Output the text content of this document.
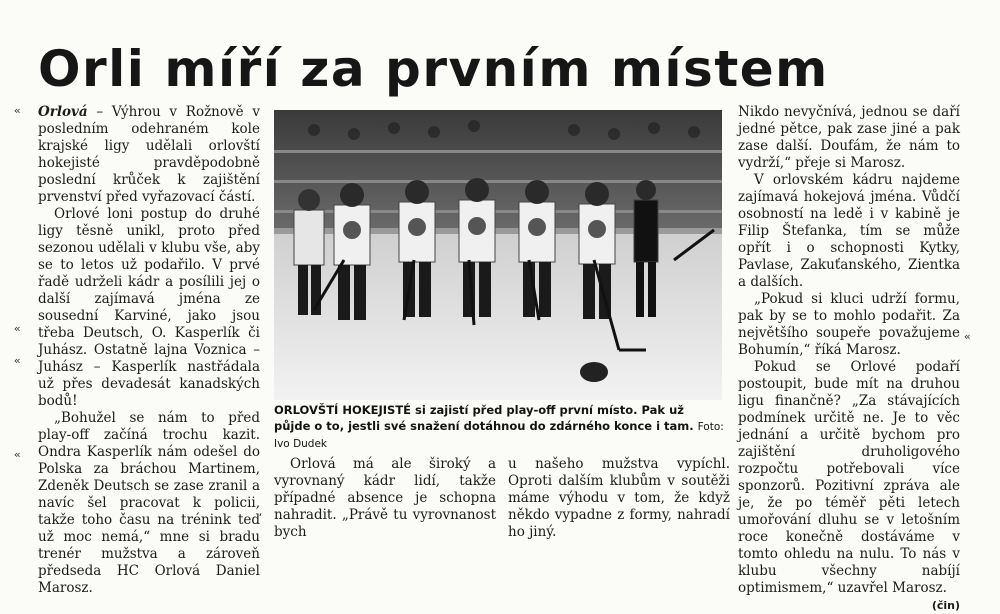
Orli míří za prvním místem
«
«
«
«
«

Orlová – Výhrou v Rožnově v posledním odehraném kole krajské ligy udělali orlovští hokejisté pravděpodobně poslední krůček k zajištění prvenství před vyřazovací částí.

Orlové loni postup do druhé ligy těsně unikl, proto před sezonou udělali v klubu vše, aby se to letos už podařilo. V prvé řadě udrželi kádr a posílili jej o další zajímavá jména ze sousední Karviné, jako jsou třeba Deutsch, O. Kasperlík či Juhász. Ostatně lajna Voznica – Juhász – Kasperlík nastřádala už přes devadesát kanadských bodů!

„Bohužel se nám to před play-off začíná trochu kazit. Ondra Kasperlík nám odešel do Polska za bráchou Martinem, Zdeněk Deutsch se zase zranil a navíc šel pracovat k policii, takže toho času na trénink teď už moc nemá,“ mne si bradu trenér mužstva a zároveň předseda HC Orlová Daniel Marosz.

ORLOVŠTÍ HOKEJISTÉ si zajistí před play-off první místo. Pak už půjde o to, jestli své snažení dotáhnou do zdárného konce i tam. Foto: Ivo Dudek

Orlová má ale široký a vyrovnaný kádr lidí, takže případné absence je schopna nahradit. „Právě tu vyrovnanost bych

u našeho mužstva vypíchl. Oproti dalším klubům v soutěži máme výhodu v tom, že když někdo vypadne z formy, nahradí ho jiný.

Nikdo nevyčnívá, jednou se daří jedné pětce, pak zase jiné a pak zase další. Doufám, že nám to vydrží,“ přeje si Marosz.

V orlovském kádru najdeme zajímavá hokejová jména. Vůdčí osobností na ledě i v kabině je Filip Štefanka, tím se může opřít i o schopnosti Kytky, Pavlase, Zakuťanského, Zientka a dalších.

„Pokud si kluci udrží formu, pak by se to mohlo podařit. Za největšího soupeře považujeme Bohumín,“ říká Marosz.

Pokud se Orlové podaří postoupit, bude mít na druhou ligu finančně? „Za stávajících podmínek určitě ne. Je to věc jednání a určitě bychom pro zajištění druholigového rozpočtu potřebovali více sponzorů. Pozitivní zpráva ale je, že po téměř pěti letech umořování dluhu se v letošním roce konečně dostáváme v tomto ohledu na nulu. To nás v klubu všechny nabíjí optimismem,“ uzavřel Marosz.
(čin)
